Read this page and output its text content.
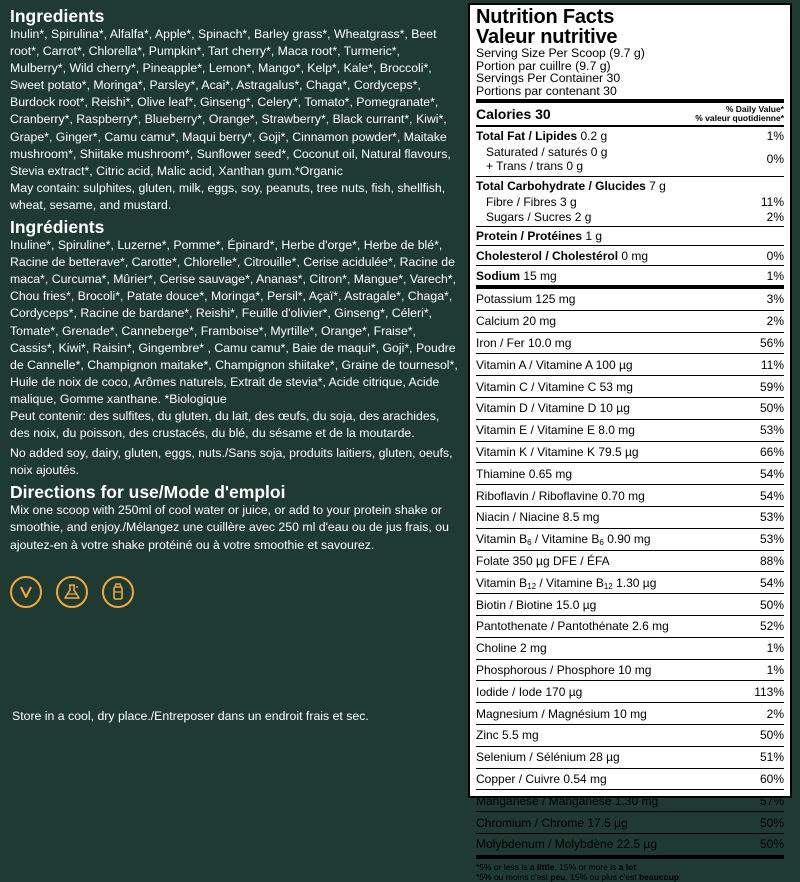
Ingredients

Inulin*, Spirulina*, Alfalfa*, Apple*, Spinach*, Barley grass*, Wheatgrass*, Beet root*, Carrot*, Chlorella*, Pumpkin*, Tart cherry*, Maca root*, Turmeric*, Mulberry*, Wild cherry*, Pineapple*, Lemon*, Mango*, Kelp*, Kale*, Broccoli*, Sweet potato*, Moringa*, Parsley*, Acai*, Astragalus*, Chaga*, Cordyceps*, Burdock root*, Reishi*, Olive leaf*, Ginseng*, Celery*, Tomato*, Pomegranate*, Cranberry*, Raspberry*, Blueberry*, Orange*, Strawberry*, Black currant*, Kiwi*, Grape*, Ginger*, Camu camu*, Maqui berry*, Goji*, Cinnamon powder*, Maitake mushroom*, Shiitake mushroom*, Sunflower seed*, Coconut oil, Natural flavours, Stevia extract*, Citric acid, Malic acid, Xanthan gum.*Organic

May contain: sulphites, gluten, milk, eggs, soy, peanuts, tree nuts, fish, shellfish, wheat, sesame, and mustard.

Ingrédients

Inuline*, Spiruline*, Luzerne*, Pomme*, Épinard*, Herbe d'orge*, Herbe de blé*, Racine de betterave*, Carotte*, Chlorelle*, Citrouille*, Cerise acidulée*, Racine de maca*, Curcuma*, Mûrier*, Cerise sauvage*, Ananas*, Citron*, Mangue*, Varech*, Chou fries*, Brocoli*, Patate douce*, Moringa*, Persil*, Açaï*, Astragale*, Chaga*, Cordyceps*, Racine de bardane*, Reishi*, Feuille d'olivier*, Ginseng*, Céleri*, Tomate*, Grenade*, Canneberge*, Framboise*, Myrtille*, Orange*, Fraise*, Cassis*, Kiwi*, Raisin*, Gingembre* , Camu camu*, Baie de maqui*, Goji*, Poudre de Cannelle*, Champignon maitake*, Champignon shiitake*, Graine de tournesol*, Huile de noix de coco, Arômes naturels, Extrait de stevia*, Acide citrique, Acide malique, Gomme xanthane. *Biologique

Peut contenir: des sulfites, du gluten, du lait, des œufs, du soja, des arachides, des noix, du poisson, des crustacés, du blé, du sésame et de la moutarde.

No added soy, dairy, gluten, eggs, nuts./Sans soja, produits laitiers, gluten, oeufs, noix ajoutés.

Directions for use/Mode d'emploi

Mix one scoop with 250ml of cool water or juice, or add to your protein shake or smoothie, and enjoy./Mélangez une cuillère avec 250 ml d'eau ou de jus frais, ou ajoutez-en à votre shake protéiné ou à votre smoothie et savourez.

Store in a cool, dry place./Entreposer dans un endroit frais et sec.
Nutrition Facts
Valeur nutritive
Serving Size Per Scoop (9.7 g)
Portion par cuillre (9.7 g)
Servings Per Container 30
Portions par contenant 30
Calories 30	% Daily Value*
% valeur quotidienne*
Total Fat / Lipides 0.2 g	1%
Saturated / saturés 0 g
+ Trans / trans 0 g	0%
Total Carbohydrate / Glucides 7 g
Fibre / Fibres 3 g	11%
Sugars / Sucres 2 g	2%
Protein / Protéines 1 g
Cholesterol / Cholestérol 0 mg	0%
Sodium 15 mg	1%
Potassium 125 mg	3%
Calcium 20 mg	2%
Iron / Fer 10.0 mg	56%
Vitamin A / Vitamine A 100 µg	11%
Vitamin C / Vitamine C 53 mg	59%
Vitamin D / Vitamine D 10 µg	50%
Vitamin E / Vitamine E 8.0 mg	53%
Vitamin K / Vitamine K 79.5 µg	66%
Thiamine 0.65 mg	54%
Riboflavin / Riboflavine 0.70 mg	54%
Niacin / Niacine 8.5 mg	53%
Vitamin $B_6$ / Vitamine $B_6$ 0.90 mg	53%
Folate 350 µg DFE / ÉFA	88%
Vitamin $B_{12}$ / Vitamine $B_{12}$ 1.30 µg	54%
Biotin / Biotine 15.0 µg	50%
Pantothenate / Pantothénate 2.6 mg	52%
Choline 2 mg	1%
Phosphorous / Phosphore 10 mg	1%
Iodide / Iode 170 µg	113%
Magnesium / Magnésium 10 mg	2%
Zinc 5.5 mg	50%
Selenium / Sélénium 28 µg	51%
Copper / Cuivre 0.54 mg	60%
Manganese / Manganèse 1.30 mg	57%
Chromium / Chrome 17.5 µg	50%
Molybdenum / Molybdène 22.5 µg	50%
*5% or less is a little, 15% or more is a lot
*5% ou moins c'est peu, 15% ou plus c'est beaucoup
